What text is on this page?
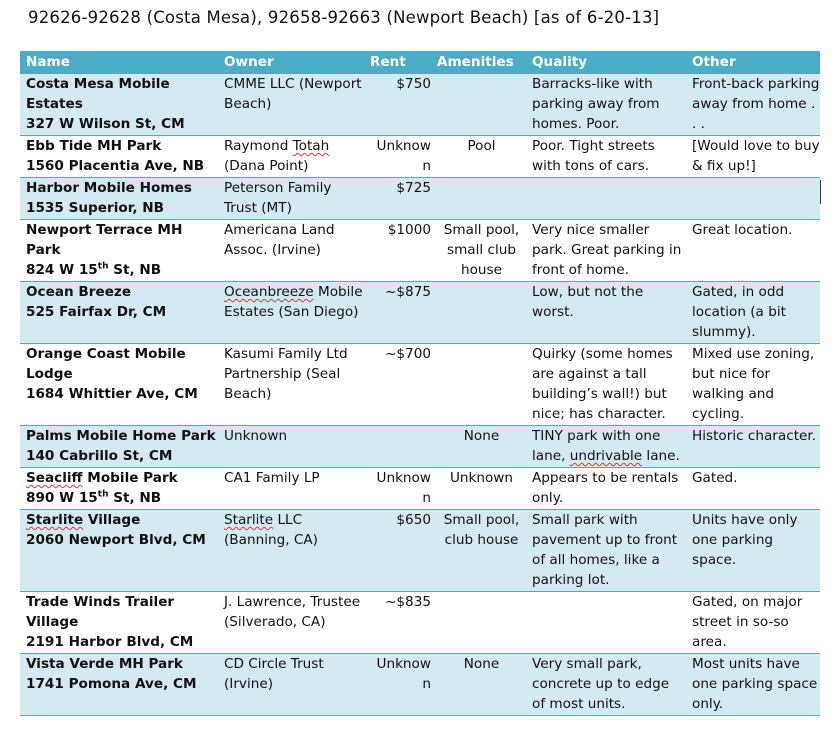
92626-92628 (Costa Mesa), 92658-92663 (Newport Beach) [as of 6-20-13]
Name	Owner	Rent	Amenities	Quality	Other

Costa Mesa Mobile Estates
327 W Wilson St, CM	CMME LLC (Newport Beach)	$750		Barracks-like with parking away from homes. Poor.	Front-back parking away from home . . .

Ebb Tide MH Park
1560 Placentia Ave, NB	Raymond Totah (Dana Point)	Unknown	Pool	Poor. Tight streets with tons of cars.	[Would love to buy & fix up!]

Harbor Mobile Homes
1535 Superior, NB	Peterson Family Trust (MT)	$725			

Newport Terrace MH Park
824 W 15th St, NB	Americana Land Assoc. (Irvine)	$1000	Small pool, small club house	Very nice smaller park. Great parking in front of home.	Great location.

Ocean Breeze
525 Fairfax Dr, CM	Oceanbreeze Mobile Estates (San Diego)	~$875		Low, but not the worst.	Gated, in odd location (a bit slummy).

Orange Coast Mobile Lodge
1684 Whittier Ave, CM	Kasumi Family Ltd Partnership (Seal Beach)	~$700		Quirky (some homes are against a tall building’s wall!) but nice; has character.	Mixed use zoning, but nice for walking and cycling.

Palms Mobile Home Park
140 Cabrillo St, CM	Unknown		None	TINY park with one lane, undrivable lane.	Historic character.

Seacliff Mobile Park
890 W 15th St, NB	CA1 Family LP	Unknown	Unknown	Appears to be rentals only.	Gated.

Starlite Village
2060 Newport Blvd, CM	Starlite LLC (Banning, CA)	$650	Small pool, club house	Small park with pavement up to front of all homes, like a parking lot.	Units have only one parking space.

Trade Winds Trailer Village
2191 Harbor Blvd, CM	J. Lawrence, Trustee (Silverado, CA)	~$835			Gated, on major street in so-so area.

Vista Verde MH Park
1741 Pomona Ave, CM	CD Circle Trust (Irvine)	Unknown	None	Very small park, concrete up to edge of most units.	Most units have one parking space only.
